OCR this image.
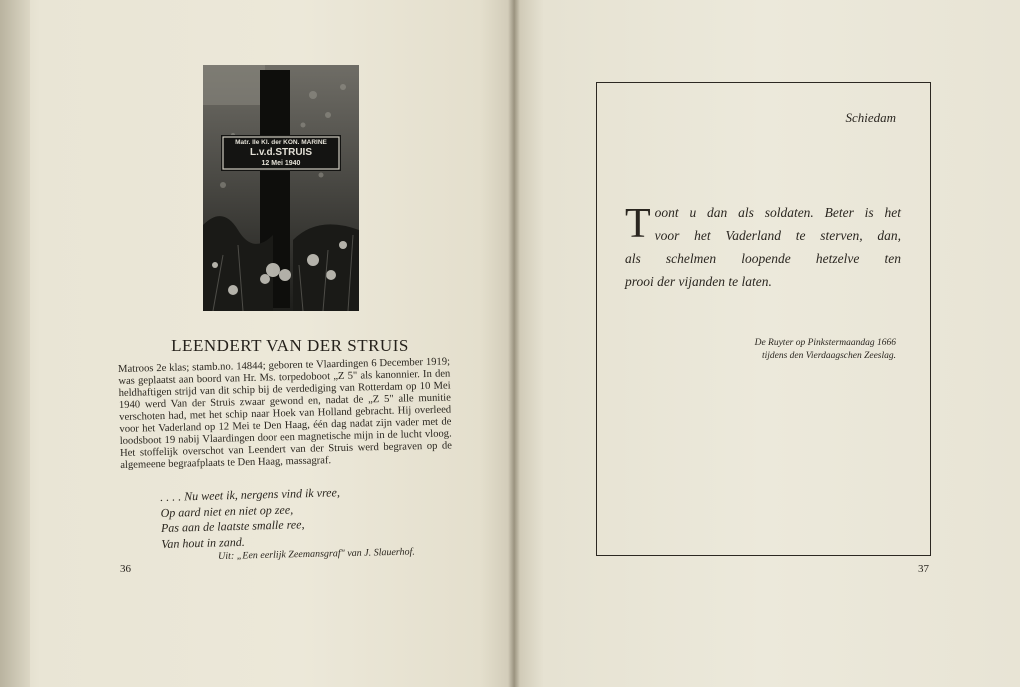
Matr. IIe Kl. der KON. MARINE
L.v.d.STRUIS
12 Mei 1940
LEENDERT VAN DER STRUIS
Matroos 2e klas; stamb.no. 14844; geboren te Vlaardingen 6 December 1919; was geplaatst aan boord van Hr. Ms. torpedoboot „Z 5" als kanonnier. In den heldhaftigen strijd van dit schip bij de verdediging van Rotterdam op 10 Mei 1940 werd Van der Struis zwaar gewond en, nadat de „Z 5" alle munitie verschoten had, met het schip naar Hoek van Holland gebracht. Hij overleed voor het Vaderland op 12 Mei te Den Haag, één dag nadat zijn vader met de loodsboot 19 nabij Vlaardingen door een magnetische mijn in de lucht vloog. Het stoffelijk overschot van Leendert van der Struis werd begraven op de algemeene begraafplaats te Den Haag, massagraf.
. . . . Nu weet ik, nergens vind ik vree,
Op aard niet en niet op zee,
Pas aan de laatste smalle ree,
Van hout in zand.
Uit: „Een eerlijk Zeemansgraf" van J. Slauerhof.
36
Schiedam
T oont u dan als soldaten. Beter is het
voor het Vaderland te sterven, dan,
als schelmen loopende hetzelve ten
prooi der vijanden te laten.
De Ruyter op Pinkstermaandag 1666
tijdens den Vierdaagschen Zeeslag.
37
